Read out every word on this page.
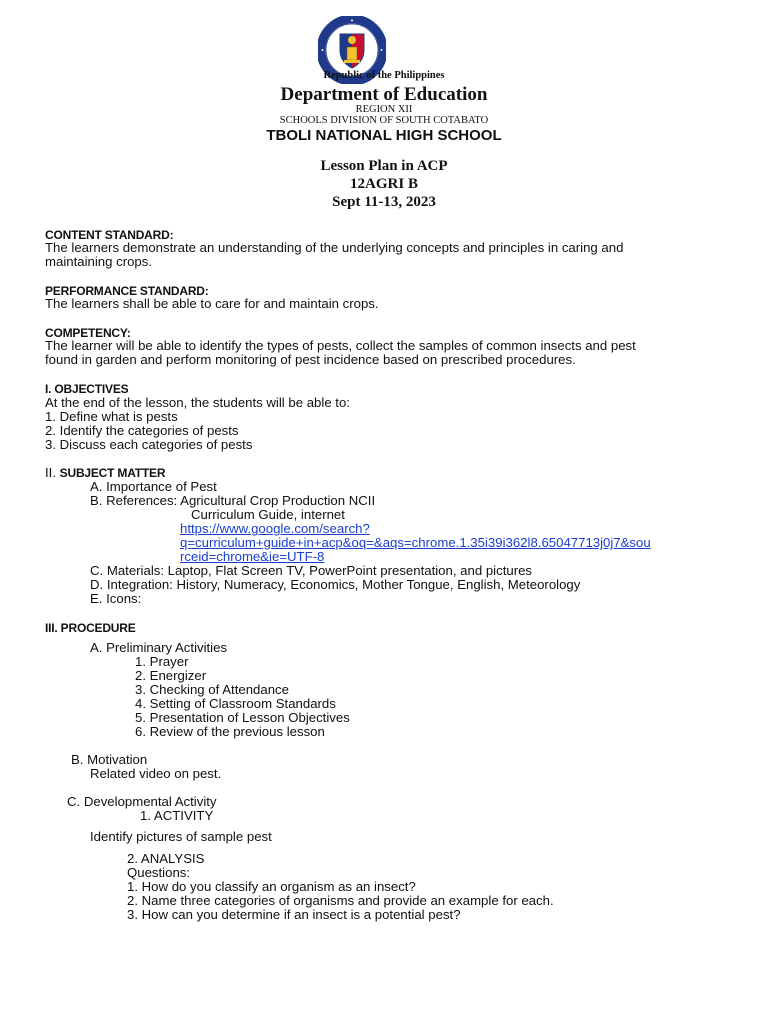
Republic of the Philippines
Department of Education
REGION XII
SCHOOLS DIVISION OF SOUTH COTABATO
TBOLI NATIONAL HIGH SCHOOL
Lesson Plan in ACP
12AGRI B
Sept 11-13, 2023
CONTENT STANDARD:
The learners demonstrate an understanding of the underlying concepts and principles in caring and
maintaining crops.
PERFORMANCE STANDARD:
The learners shall be able to care for and maintain crops.
COMPETENCY:
The learner will be able to identify the types of pests, collect the samples of common insects and pest
found in garden and perform monitoring of pest incidence based on prescribed procedures.
I. OBJECTIVES
At the end of the lesson, the students will be able to:
1. Define what is pests
2. Identify the categories of pests
3. Discuss each categories of pests
II. SUBJECT MATTER
A. Importance of Pest
B. References: Agricultural Crop Production NCII
Curriculum Guide, internet
https://www.google.com/search?
q=curriculum+guide+in+acp&oq=&aqs=chrome.1.35i39i362l8.65047713j0j7&sou
rceid=chrome&ie=UTF-8
C. Materials: Laptop, Flat Screen TV, PowerPoint presentation, and pictures
D. Integration: History, Numeracy, Economics, Mother Tongue, English, Meteorology
E. Icons:
III. PROCEDURE
A. Preliminary Activities
1. Prayer
2. Energizer
3. Checking of Attendance
4. Setting of Classroom Standards
5. Presentation of Lesson Objectives
6. Review of the previous lesson
B. Motivation
Related video on pest.
C. Developmental Activity
1. ACTIVITY
Identify pictures of sample pest
2. ANALYSIS
Questions:
1. How do you classify an organism as an insect?
2. Name three categories of organisms and provide an example for each.
3. How can you determine if an insect is a potential pest?
